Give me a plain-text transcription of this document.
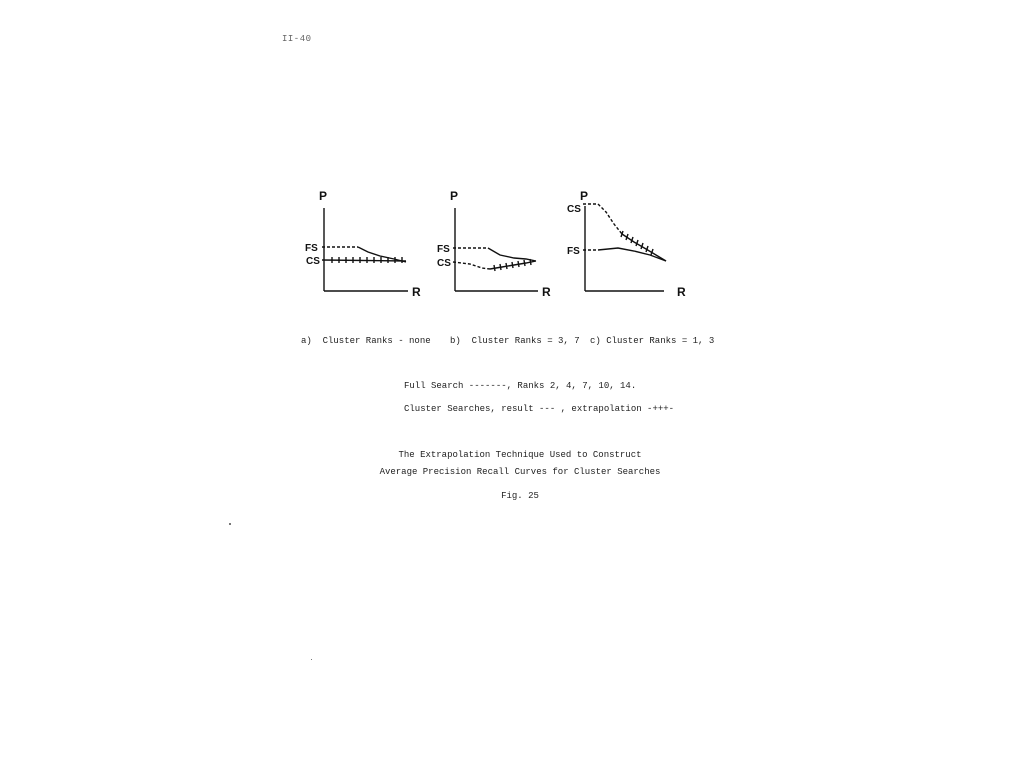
II-40
P
R
FS
CS
P
R
FS
CS
P
R
CS
FS
a)  Cluster Ranks - none b)  Cluster Ranks = 3, 7 c) Cluster Ranks = 1, 3
Full Search -------, Ranks 2, 4, 7, 10, 14.
Cluster Searches, result --- , extrapolation -+++-
The Extrapolation Technique Used to Construct
Average Precision Recall Curves for Cluster Searches
Fig. 25
